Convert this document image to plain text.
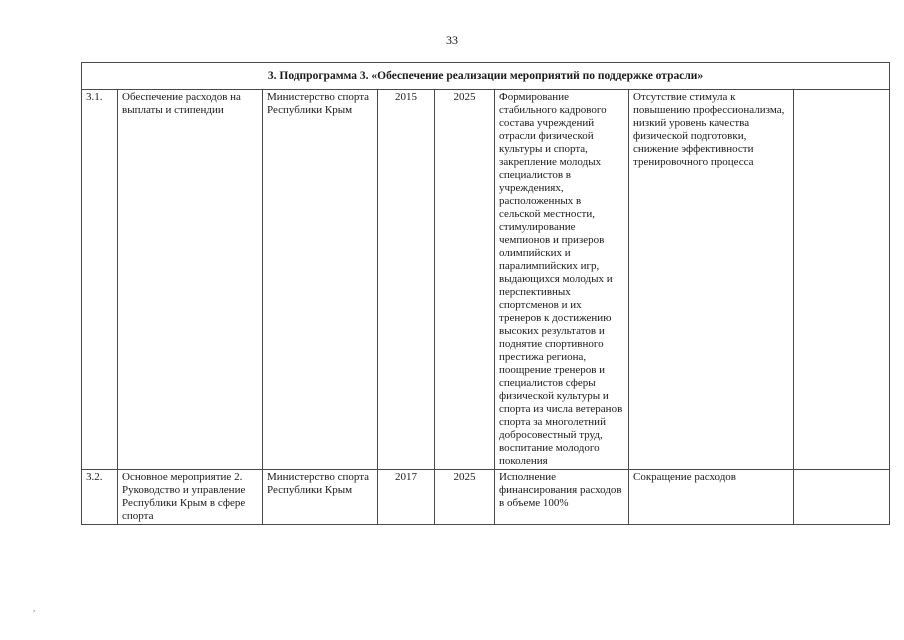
33
3. Подпрограмма 3. «Обеспечение реализации мероприятий по поддержке отрасли»							
3.1.	Обеспечение расходов на выплаты и стипендии	Министерство спорта Республики Крым	2015	2025	Формирование стабильного кадрового состава учреждений отрасли физической культуры и спорта, закрепление молодых специалистов в учреждениях, расположенных в сельской местности, стимулирование чемпионов и призеров олимпийских и паралимпийских игр, выдающихся молодых и перспективных спортсменов и их тренеров к достижению высоких результатов и поднятие спортивного престижа региона, поощрение тренеров и специалистов сферы физической культуры и спорта из числа ветеранов спорта за многолетний добросовестный труд, воспитание молодого поколения	Отсутствие стимула к повышению профессионализма, низкий уровень качества физической подготовки, снижение эффективности тренировочного процесса	
3.2.	Основное мероприятие 2. Руководство и управление Республики Крым в сфере спорта	Министерство спорта Республики Крым	2017	2025	Исполнение финансирования расходов в объеме 100%	Сокращение расходов	
,
